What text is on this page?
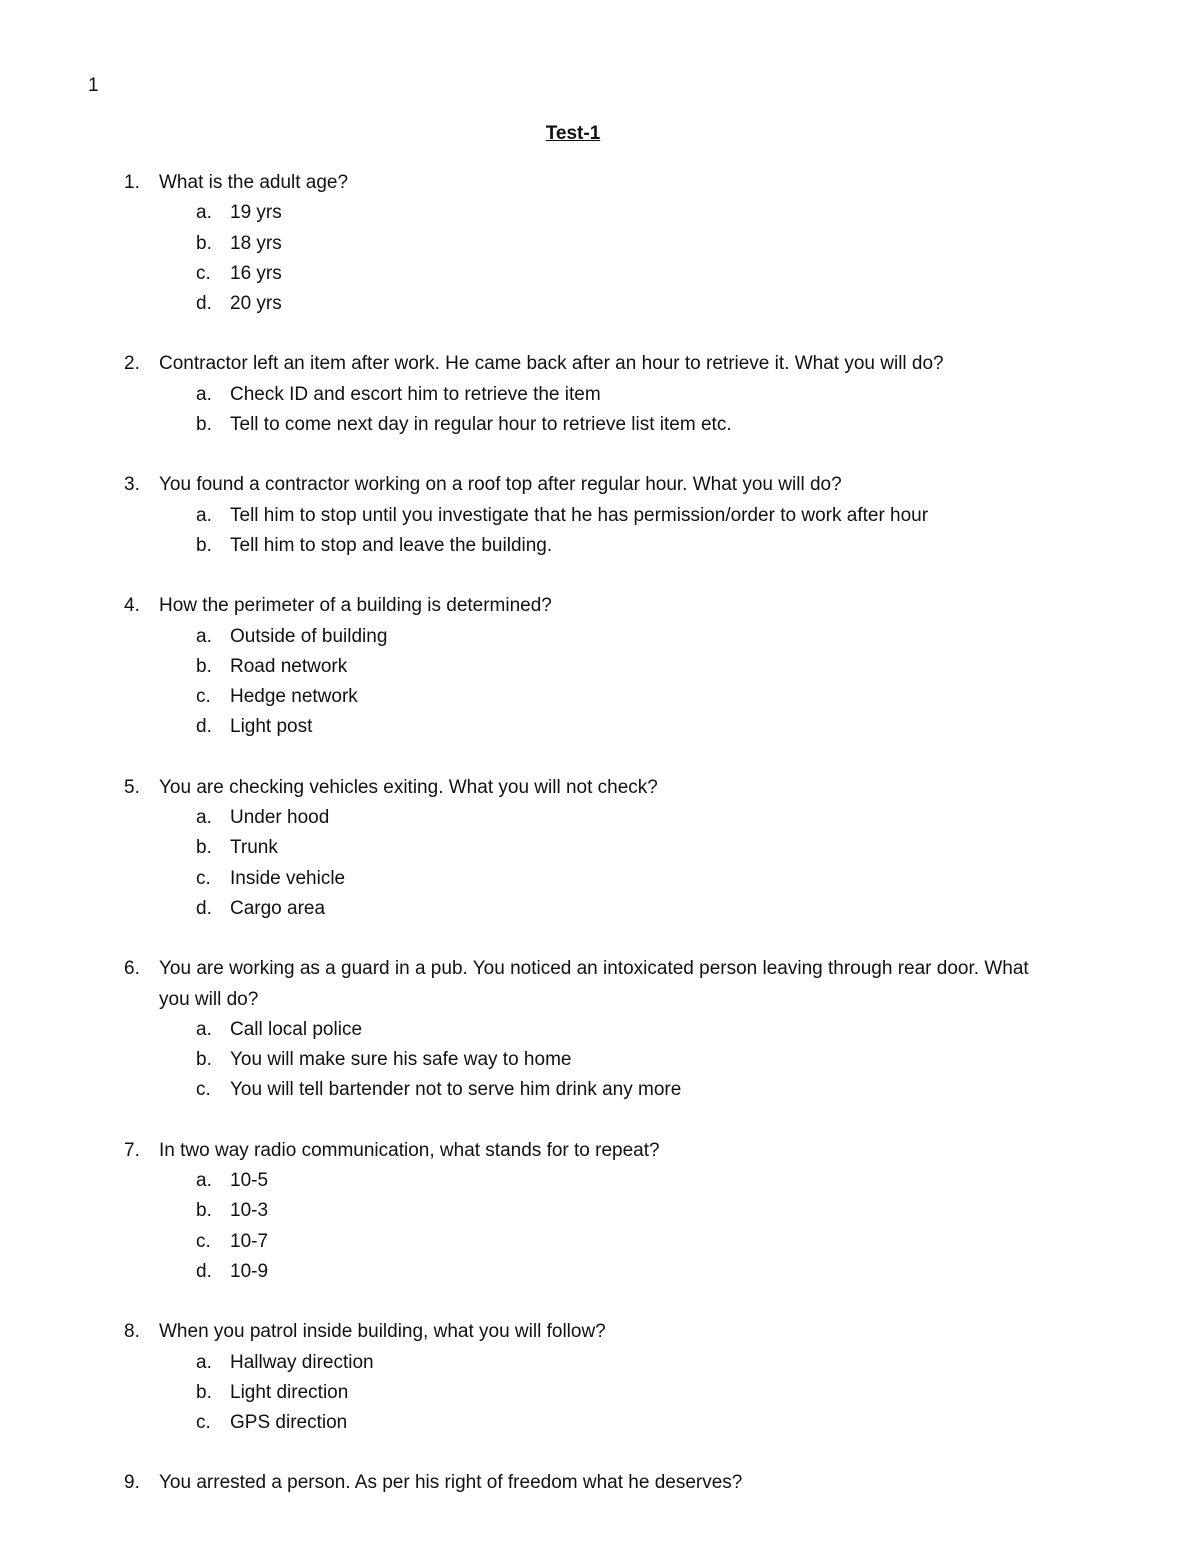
1
Test-1
1. What is the adult age?
a. 19 yrs
b. 18 yrs
c. 16 yrs
d. 20 yrs
2. Contractor left an item after work. He came back after an hour to retrieve it. What you will do?
a. Check ID and escort him to retrieve the item
b. Tell to come next day in regular hour to retrieve list item etc.
3. You found a contractor working on a roof top after regular hour. What you will do?
a. Tell him to stop until you investigate that he has permission/order to work after hour
b. Tell him to stop and leave the building.
4. How the perimeter of a building is determined?
a. Outside of building
b. Road network
c. Hedge network
d. Light post
5. You are checking vehicles exiting. What you will not check?
a. Under hood
b. Trunk
c. Inside vehicle
d. Cargo area
6. You are working as a guard in a pub. You noticed an intoxicated person leaving through rear door. What you will do?
a. Call local police
b. You will make sure his safe way to home
c. You will tell bartender not to serve him drink any more
7. In two way radio communication, what stands for to repeat?
a. 10-5
b. 10-3
c. 10-7
d. 10-9
8. When you patrol inside building, what you will follow?
a. Hallway direction
b. Light direction
c. GPS direction
9. You arrested a person. As per his right of freedom what he deserves?
